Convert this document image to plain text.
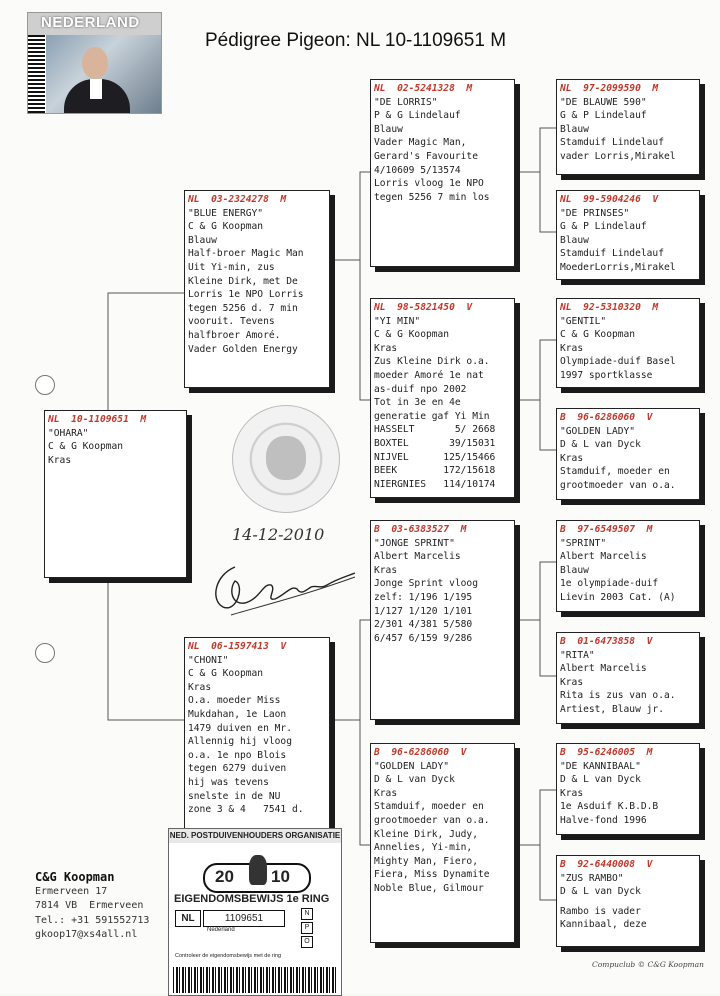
NEDERLAND
Pédigree Pigeon: NL 10-1109651 M
NL  10-1109651  M
"OHARA"
C & G Koopman
Kras
NL  03-2324278  M
"BLUE ENERGY"
C & G Koopman
Blauw
Half-broer Magic Man
Uit Yi-min, zus
Kleine Dirk, met De
Lorris 1e NPO Lorris
tegen 5256 d. 7 min
vooruit. Tevens
halfbroer Amoré.
Vader Golden Energy
NL  06-1597413  V
"CHONI"
C & G Koopman
Kras
O.a. moeder Miss
Mukdahan, 1e Laon
1479 duiven en Mr.
Allennig hij vloog
o.a. 1e npo Blois
tegen 6279 duiven
hij was tevens
snelste in de NU
zone 3 & 4   7541 d.
NL  02-5241328  M
"DE LORRIS"
P & G Lindelauf
Blauw
Vader Magic Man,
Gerard's Favourite
4/10609 5/13574
Lorris vloog 1e NPO
tegen 5256 7 min los
NL  98-5821450  V
"YI MIN"
C & G Koopman
Kras
Zus Kleine Dirk o.a.
moeder Amoré 1e nat
as-duif npo 2002
Tot in 3e en 4e
generatie gaf Yi Min
HASSELT       5/ 2668
BOXTEL       39/15031
NIJVEL      125/15466
BEEK        172/15618
NIERGNIES   114/10174
B  03-6383527  M
"JONGE SPRINT"
Albert Marcelis
Kras
Jonge Sprint vloog
zelf: 1/196 1/195
1/127 1/120 1/101
2/301 4/381 5/580
6/457 6/159 9/286
B  96-6286060  V
"GOLDEN LADY"
D & L van Dyck
Kras
Stamduif, moeder en
grootmoeder van o.a.
Kleine Dirk, Judy,
Annelies, Yi-min,
Mighty Man, Fiero,
Fiera, Miss Dynamite
Noble Blue, Gilmour
NL  97-2099590  M
"DE BLAUWE 590"
G & P Lindelauf
Blauw
Stamduif Lindelauf
vader Lorris,Mirakel
NL  99-5904246  V
"DE PRINSES"
G & P Lindelauf
Blauw
Stamduif Lindelauf
MoederLorris,Mirakel
NL  92-5310320  M
"GENTIL"
C & G Koopman
Kras
Olympiade-duif Basel
1997 sportklasse
B  96-6286060  V
"GOLDEN LADY"
D & L van Dyck
Kras
Stamduif, moeder en
grootmoeder van o.a.
B  97-6549507  M
"SPRINT"
Albert Marcelis
Blauw
1e olympiade-duif
Lievin 2003 Cat. (A)
B  01-6473858  V
"RITA"
Albert Marcelis
Kras
Rita is zus van o.a.
Artiest, Blauw jr.
B  95-6246005  M
"DE KANNIBAAL"
D & L van Dyck
Kras
1e Asduif K.B.D.B
Halve-fond 1996
B  92-6440008  V
"ZUS RAMBO"
D & L van Dyck
Rambo is vader
Kannibaal, deze
14-12-2010
C&G Koopman
Ermerveen 17
7814 VB  Ermerveen
Tel.: +31 591552713
gkoop17@xs4all.nl
NED. POSTDUIVENHOUDERS ORGANISATIE
20 10
EIGENDOMSBEWIJS 1e RING
NL	1109651
Nederland
N
P
O
Controleer de eigendomsbewijs met de ring
Compuclub © C&G Koopman
